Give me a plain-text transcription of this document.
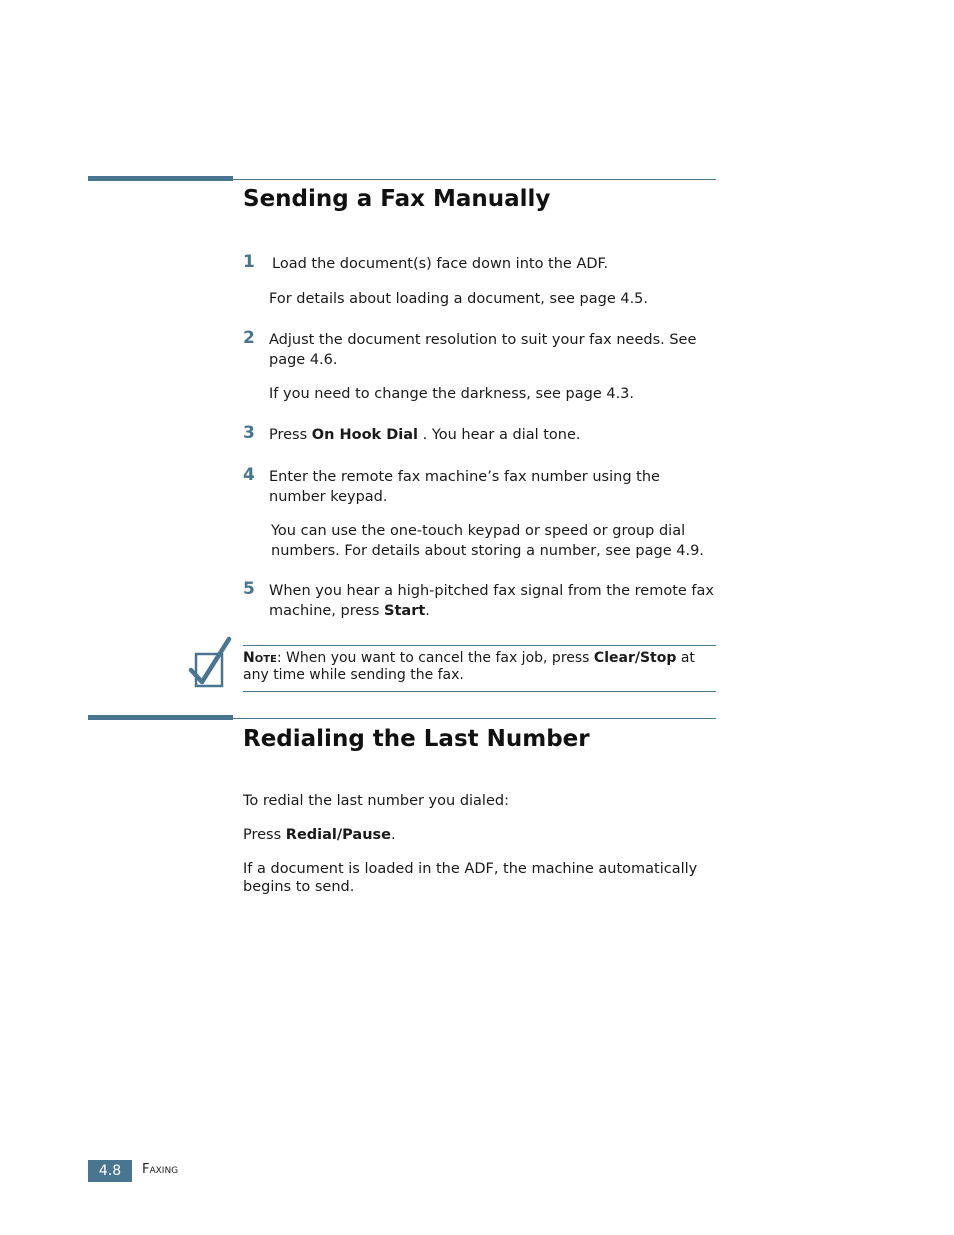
Sending a Fax Manually
1 Load the document(s) face down into the ADF.

For details about loading a document, see page 4.5.

2 Adjust the document resolution to suit your fax needs. See page 4.6.

If you need to change the darkness, see page 4.3.

3 Press On Hook Dial . You hear a dial tone.

4 Enter the remote fax machine’s fax number using the number keypad.

You can use the one-touch keypad or speed or group dial numbers. For details about storing a number, see page 4.9.

5 When you hear a high-pitched fax signal from the remote fax machine, press Start.

Note: When you want to cancel the fax job, press Clear/Stop at any time while sending the fax.

Redialing the Last Number

To redial the last number you dialed:

Press Redial/Pause.

If a document is loaded in the ADF, the machine automatically begins to send.

4.8	Faxing
